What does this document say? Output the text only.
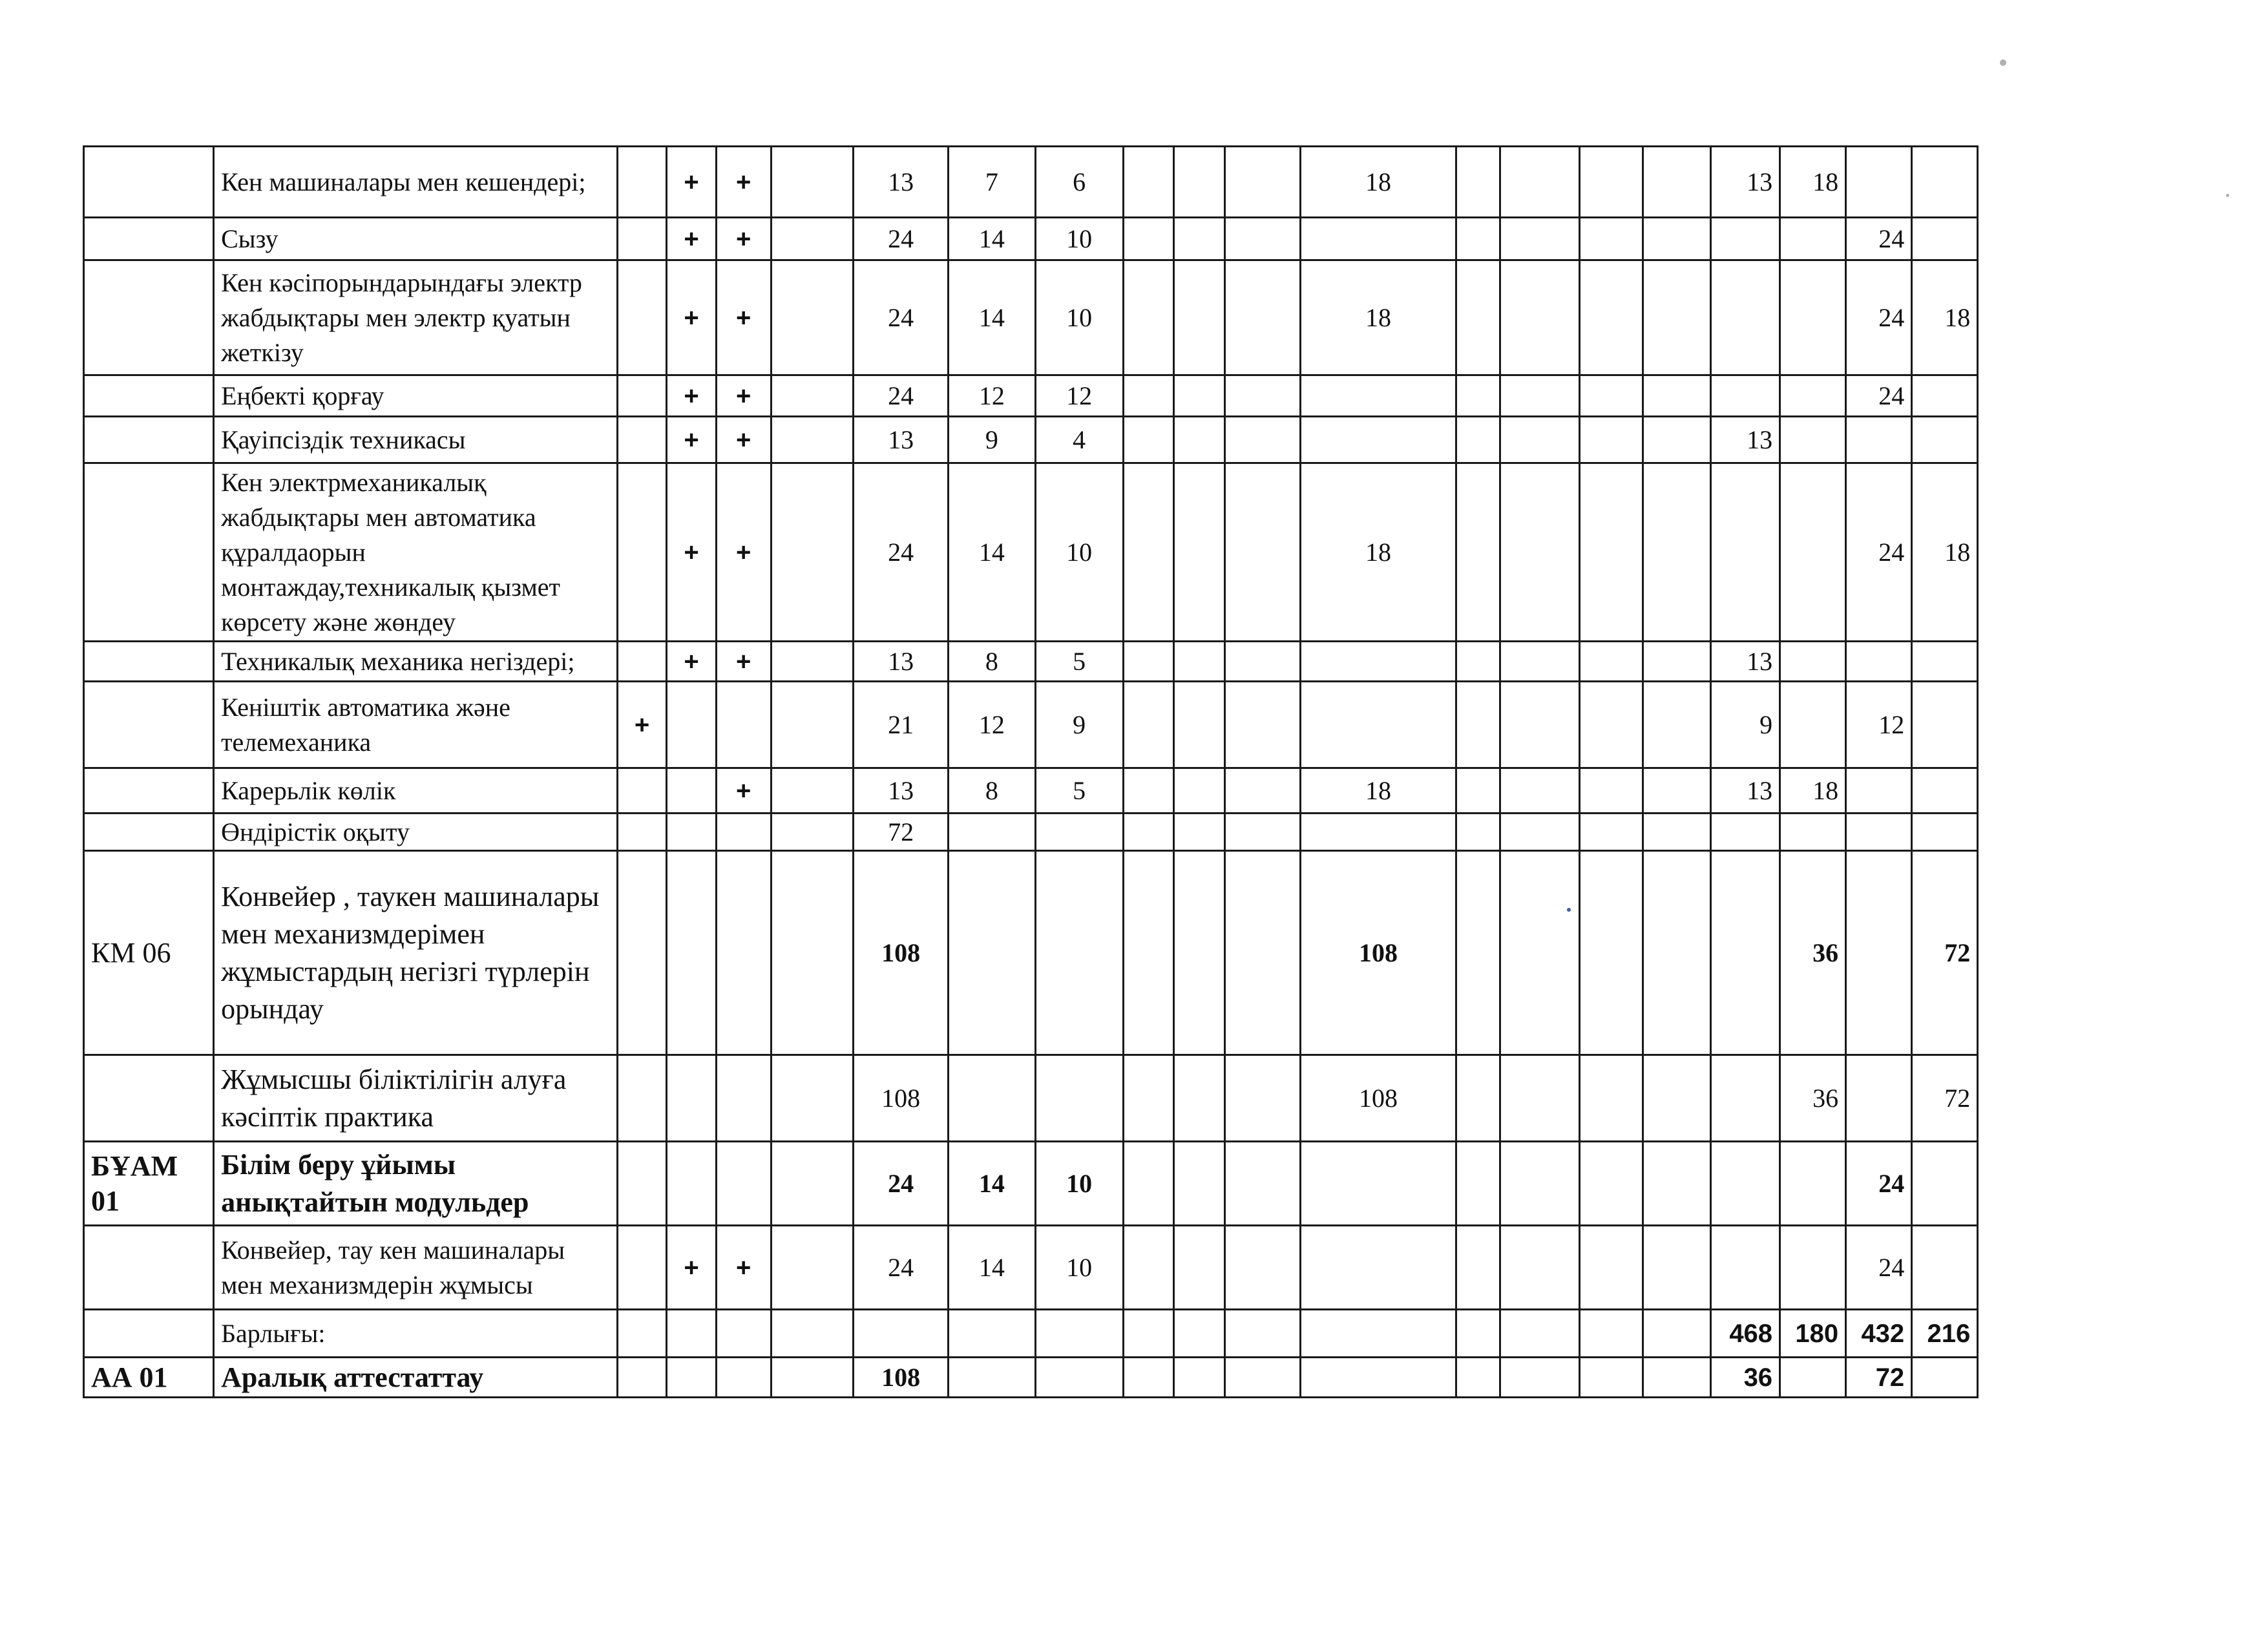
	Кен машиналары мен кешендері;		+	+		13	7	6				18					13	18		
	Сызу		+	+		24	14	10											24	
	Кен кәсіпорындарындағы электр жабдықтары мен электр қуатын жеткізу		+	+		24	14	10				18							24	18
	Еңбекті қорғау		+	+		24	12	12											24	
	Қауіпсіздік техникасы		+	+		13	9	4									13			
	Кен электрмеханикалық жабдықтары мен автоматика құралдаорын монтаждау,техникалық қызмет көрсету және жөндеу		+	+		24	14	10				18							24	18
	Техникалық механика негіздері;		+	+		13	8	5									13			
	Кеніштік автоматика және телемеханика	+				21	12	9									9		12	
	Карерьлік көлік			+		13	8	5				18					13	18		
	Өндірістік оқыту					72														
КМ 06	Конвейер , таукен машиналары мен механизмдерімен жұмыстардың негізгі түрлерін орындау					108						108						36		72
	Жұмысшы біліктілігін алуға кәсіптік практика					108						108						36		72
БҰАМ 01	Білім беру ұйымы анықтайтын модульдер					24	14	10											24	
	Конвейер, тау кен машиналары мен механизмдерін жұмысы		+	+		24	14	10											24	
	Барлығы:																468	180	432	216
АА 01	Аралық аттестаттау					108											36		72	
